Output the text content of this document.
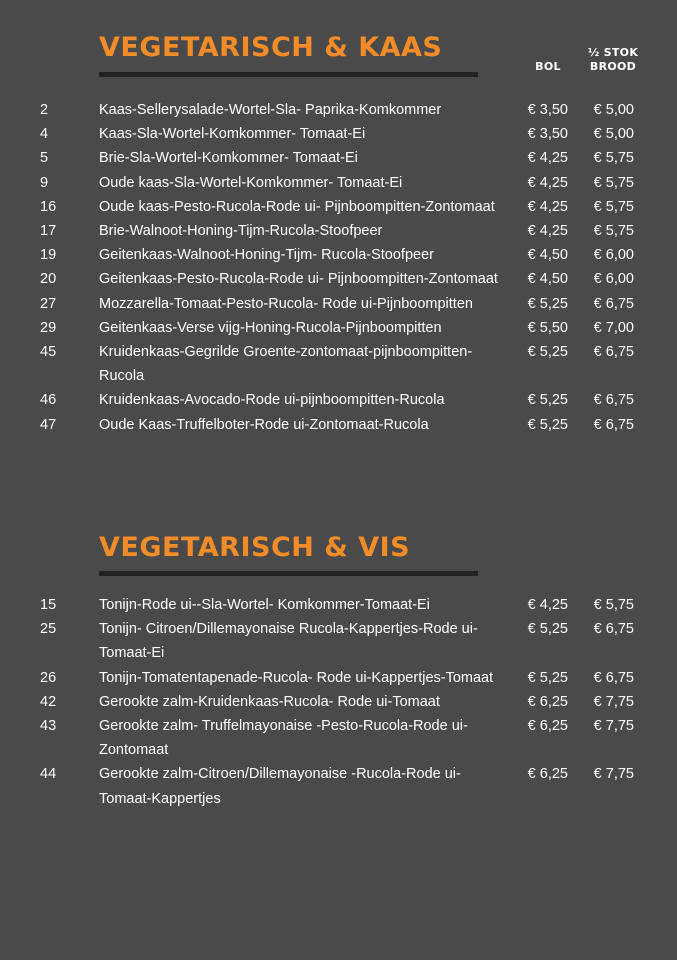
VEGETARISCH & KAAS	½ STOK
BOL	BROOD
2	Kaas-Sellerysalade-Wortel-Sla- Paprika-Komkommer	€ 3,50 € 5,00
4	Kaas-Sla-Wortel-Komkommer- Tomaat-Ei	€ 3,50 € 5,00
5	Brie-Sla-Wortel-Komkommer- Tomaat-Ei	€ 4,25 € 5,75
9	Oude kaas-Sla-Wortel-Komkommer- Tomaat-Ei	€ 4,25 € 5,75
16	Oude kaas-Pesto-Rucola-Rode ui- Pijnboompitten-Zontomaat € 4,25 € 5,75
17	Brie-Walnoot-Honing-Tijm-Rucola-Stoofpeer	€ 4,25 € 5,75
19	Geitenkaas-Walnoot-Honing-Tijm- Rucola-Stoofpeer	€ 4,50 € 6,00
20	Geitenkaas-Pesto-Rucola-Rode ui- Pijnboompitten-Zontomaat € 4,50 € 6,00
27	Mozzarella-Tomaat-Pesto-Rucola- Rode ui-Pijnboompitten	€ 5,25 € 6,75
29	Geitenkaas-Verse vijg-Honing-Rucola-Pijnboompitten	€ 5,50 € 7,00
45	Kruidenkaas-Gegrilde Groente-zontomaat-pijnboompitten-Rucola
€ 5,25 € 6,75
46	Kruidenkaas-Avocado-Rode ui-pijnboompitten-Rucola	€ 5,25 € 6,75
47	Oude Kaas-Truffelboter-Rode ui-Zontomaat-Rucola	€ 5,25 € 6,75
VEGETARISCH & VIS
15	Tonijn-Rode ui--Sla-Wortel- Komkommer-Tomaat-Ei	€ 4,25 € 5,75
25	Tonijn- Citroen/Dillemayonaise Rucola-Kappertjes-Rode ui-Tomaat-Ei
€ 5,25 € 6,75
26	Tonijn-Tomatentapenade-Rucola- Rode ui-Kappertjes-Tomaat	€ 5,25 € 6,75
42	Gerookte zalm-Kruidenkaas-Rucola- Rode ui-Tomaat	€ 6,25 € 7,75
43	Gerookte zalm- Truffelmayonaise -Pesto-Rucola-Rode ui-Zontomaat
€ 6,25 € 7,75
44	Gerookte zalm-Citroen/Dillemayonaise -Rucola-Rode ui-Tomaat-Kappertjes
€ 6,25 € 7,75
